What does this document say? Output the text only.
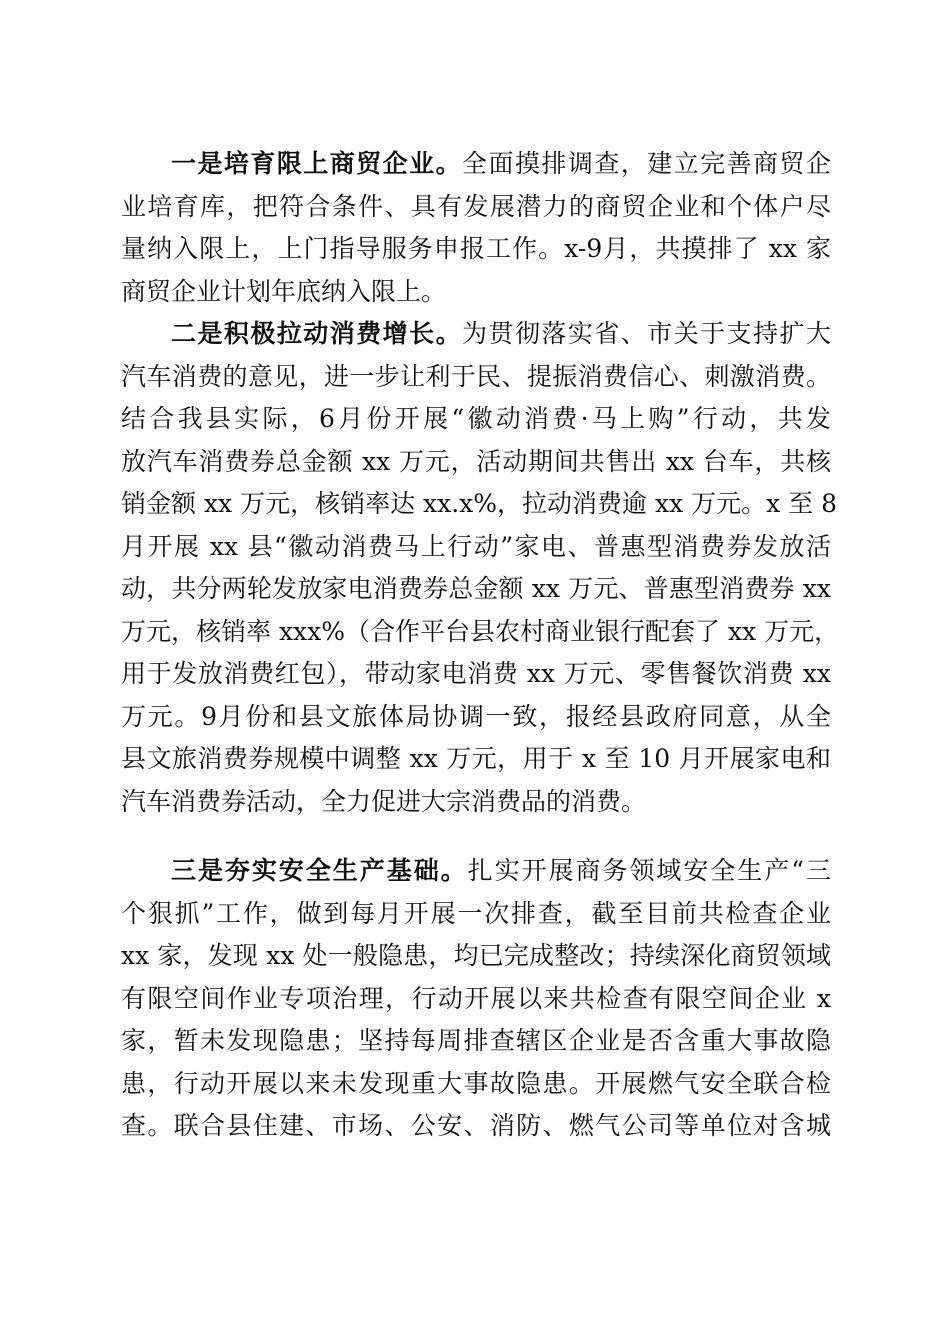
一是培育限上商贸企业。全面摸排调查，建立完善商贸企
业培育库，把符合条件、具有发展潜力的商贸企业和个体户尽
量纳入限上，上门指导服务申报工作。x-9月，共摸排了 xx 家
商贸企业计划年底纳入限上。
二是积极拉动消费增长。为贯彻落实省、市关于支持扩大
汽车消费的意见，进一步让利于民、提振消费信心、刺激消费。
结合我县实际，6月份开展“徽动消费·马上购”行动，共发
放汽车消费券总金额 xx 万元，活动期间共售出 xx 台车，共核
销金额 xx 万元，核销率达 xx.x%，拉动消费逾 xx 万元。x 至 8
月开展 xx 县“徽动消费马上行动”家电、普惠型消费券发放活
动，共分两轮发放家电消费券总金额 xx 万元、普惠型消费券 xx
万元，核销率 xxx%（合作平台县农村商业银行配套了 xx 万元，
用于发放消费红包），带动家电消费 xx 万元、零售餐饮消费 xx
万元。9月份和县文旅体局协调一致，报经县政府同意，从全
县文旅消费券规模中调整 xx 万元，用于 x 至 10 月开展家电和
汽车消费券活动，全力促进大宗消费品的消费。
三是夯实安全生产基础。扎实开展商务领域安全生产“三
个狠抓”工作，做到每月开展一次排查，截至目前共检查企业
xx 家，发现 xx 处一般隐患，均已完成整改；持续深化商贸领域
有限空间作业专项治理，行动开展以来共检查有限空间企业 x
家，暂未发现隐患；坚持每周排查辖区企业是否含重大事故隐
患，行动开展以来未发现重大事故隐患。开展燃气安全联合检
查。联合县住建、市场、公安、消防、燃气公司等单位对含城
